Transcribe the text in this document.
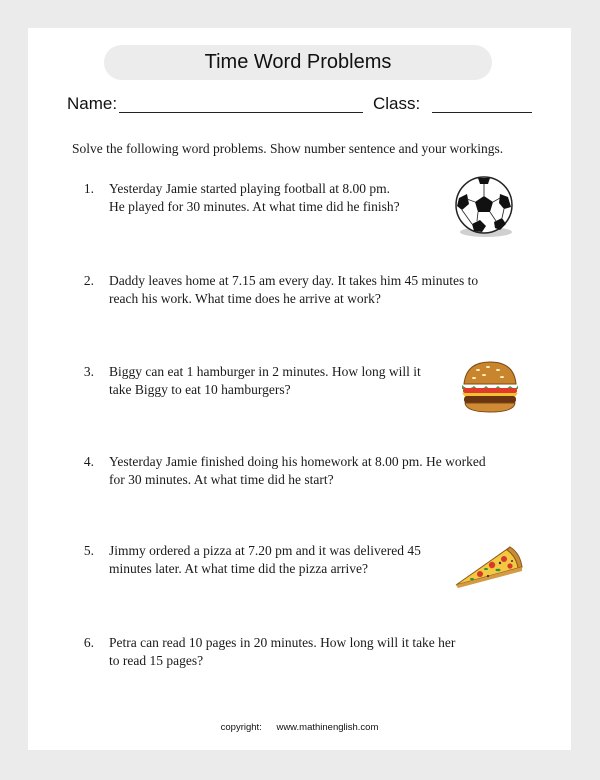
Time Word Problems
Name:	Class:
Solve the following word problems. Show number sentence and your workings.
1. Yesterday Jamie started playing football at 8.00 pm.
He played for 30 minutes. At what time did he finish?
2. Daddy leaves home at 7.15 am every day. It takes him 45 minutes to
reach his work. What time does he arrive at work?
3. Biggy can eat 1 hamburger in 2 minutes. How long will it
take Biggy to eat 10 hamburgers?
4. Yesterday Jamie finished doing his homework at 8.00 pm. He worked
for 30 minutes. At what time did he start?
5. Jimmy ordered a pizza at 7.20 pm and it was delivered 45
minutes later. At what time did the pizza arrive?
6. Petra can read 10 pages in 20 minutes. How long will it take her
to read 15 pages?
copyright: www.mathinenglish.com
